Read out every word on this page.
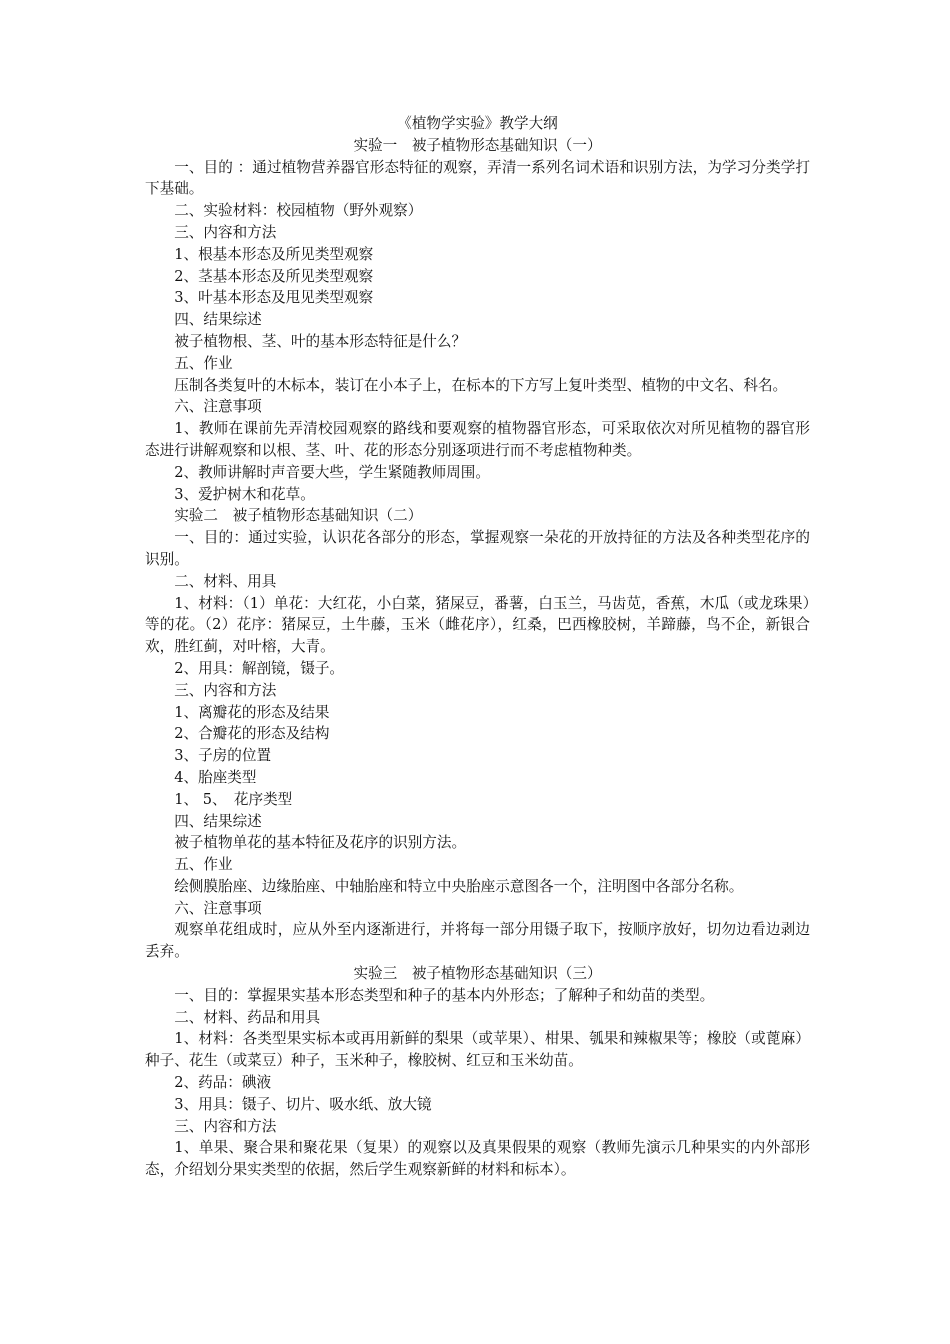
《植物学实验》教学大纲

实验一　被子植物形态基础知识（一）

一、目的 ：通过植物营养器官形态特征的观察，弄清一系列名词术语和识别方法，为学习分类学打下基础。

二、实验材料：校园植物（野外观察）

三、内容和方法

1、根基本形态及所见类型观察

2、茎基本形态及所见类型观察

3、叶基本形态及甩见类型观察

四、结果综述

被子植物根、茎、叶的基本形态特征是什么？

五、作业

压制各类复叶的木标本，装订在小本子上，在标本的下方写上复叶类型、植物的中文名、科名。

六、注意事项

1、教师在课前先弄清校园观察的路线和要观察的植物器官形态，可采取依次对所见植物的器官形态进行讲解观察和以根、茎、叶、花的形态分别逐项进行而不考虑植物种类。

2、教师讲解时声音要大些，学生紧随教师周围。

3、爱护树木和花草。

实验二　被子植物形态基础知识（二）

一、目的：通过实验，认识花各部分的形态，掌握观察一朵花的开放持征的方法及各种类型花序的识别。

二、材料、用具

1、材料：（1）单花：大红花，小白菜，猪屎豆，番薯，白玉兰，马齿苋，香蕉，木瓜（或龙珠果）等的花。（2）花序：猪屎豆，土牛藤，玉米（雌花序），红桑，巴西橡胶树，羊蹄藤，鸟不企，新银合欢，胜红蓟，对叶榕，大青。

2、用具：解剖镜，镊子。

三、内容和方法

1、离瓣花的形态及结果

2、合瓣花的形态及结构

3、子房的位置

4、胎座类型

1、 5、　花序类型

四、结果综述

被子植物单花的基本特征及花序的识别方法。

五、作业

绘侧膜胎座、边缘胎座、中轴胎座和特立中央胎座示意图各一个，注明图中各部分名称。

六、注意事项

观察单花组成时，应从外至内逐渐进行，并将每一部分用镊子取下，按顺序放好，切勿边看边剥边丢弃。

实验三　被子植物形态基础知识（三）

一、目的：掌握果实基本形态类型和种子的基本内外形态；了解种子和幼苗的类型。

二、材料、药品和用具

1、材料：各类型果实标本或再用新鲜的梨果（或苹果）、柑果、瓠果和辣椒果等；橡胶（或蓖麻）种子、花生（或菜豆）种子，玉米种子，橡胶树、红豆和玉米幼苗。

2、药品：碘液

3、用具：镊子、切片、吸水纸、放大镜

三、内容和方法

1、单果、聚合果和聚花果（复果）的观察以及真果假果的观察（教师先演示几种果实的内外部形态，介绍划分果实类型的依据，然后学生观察新鲜的材料和标本）。
